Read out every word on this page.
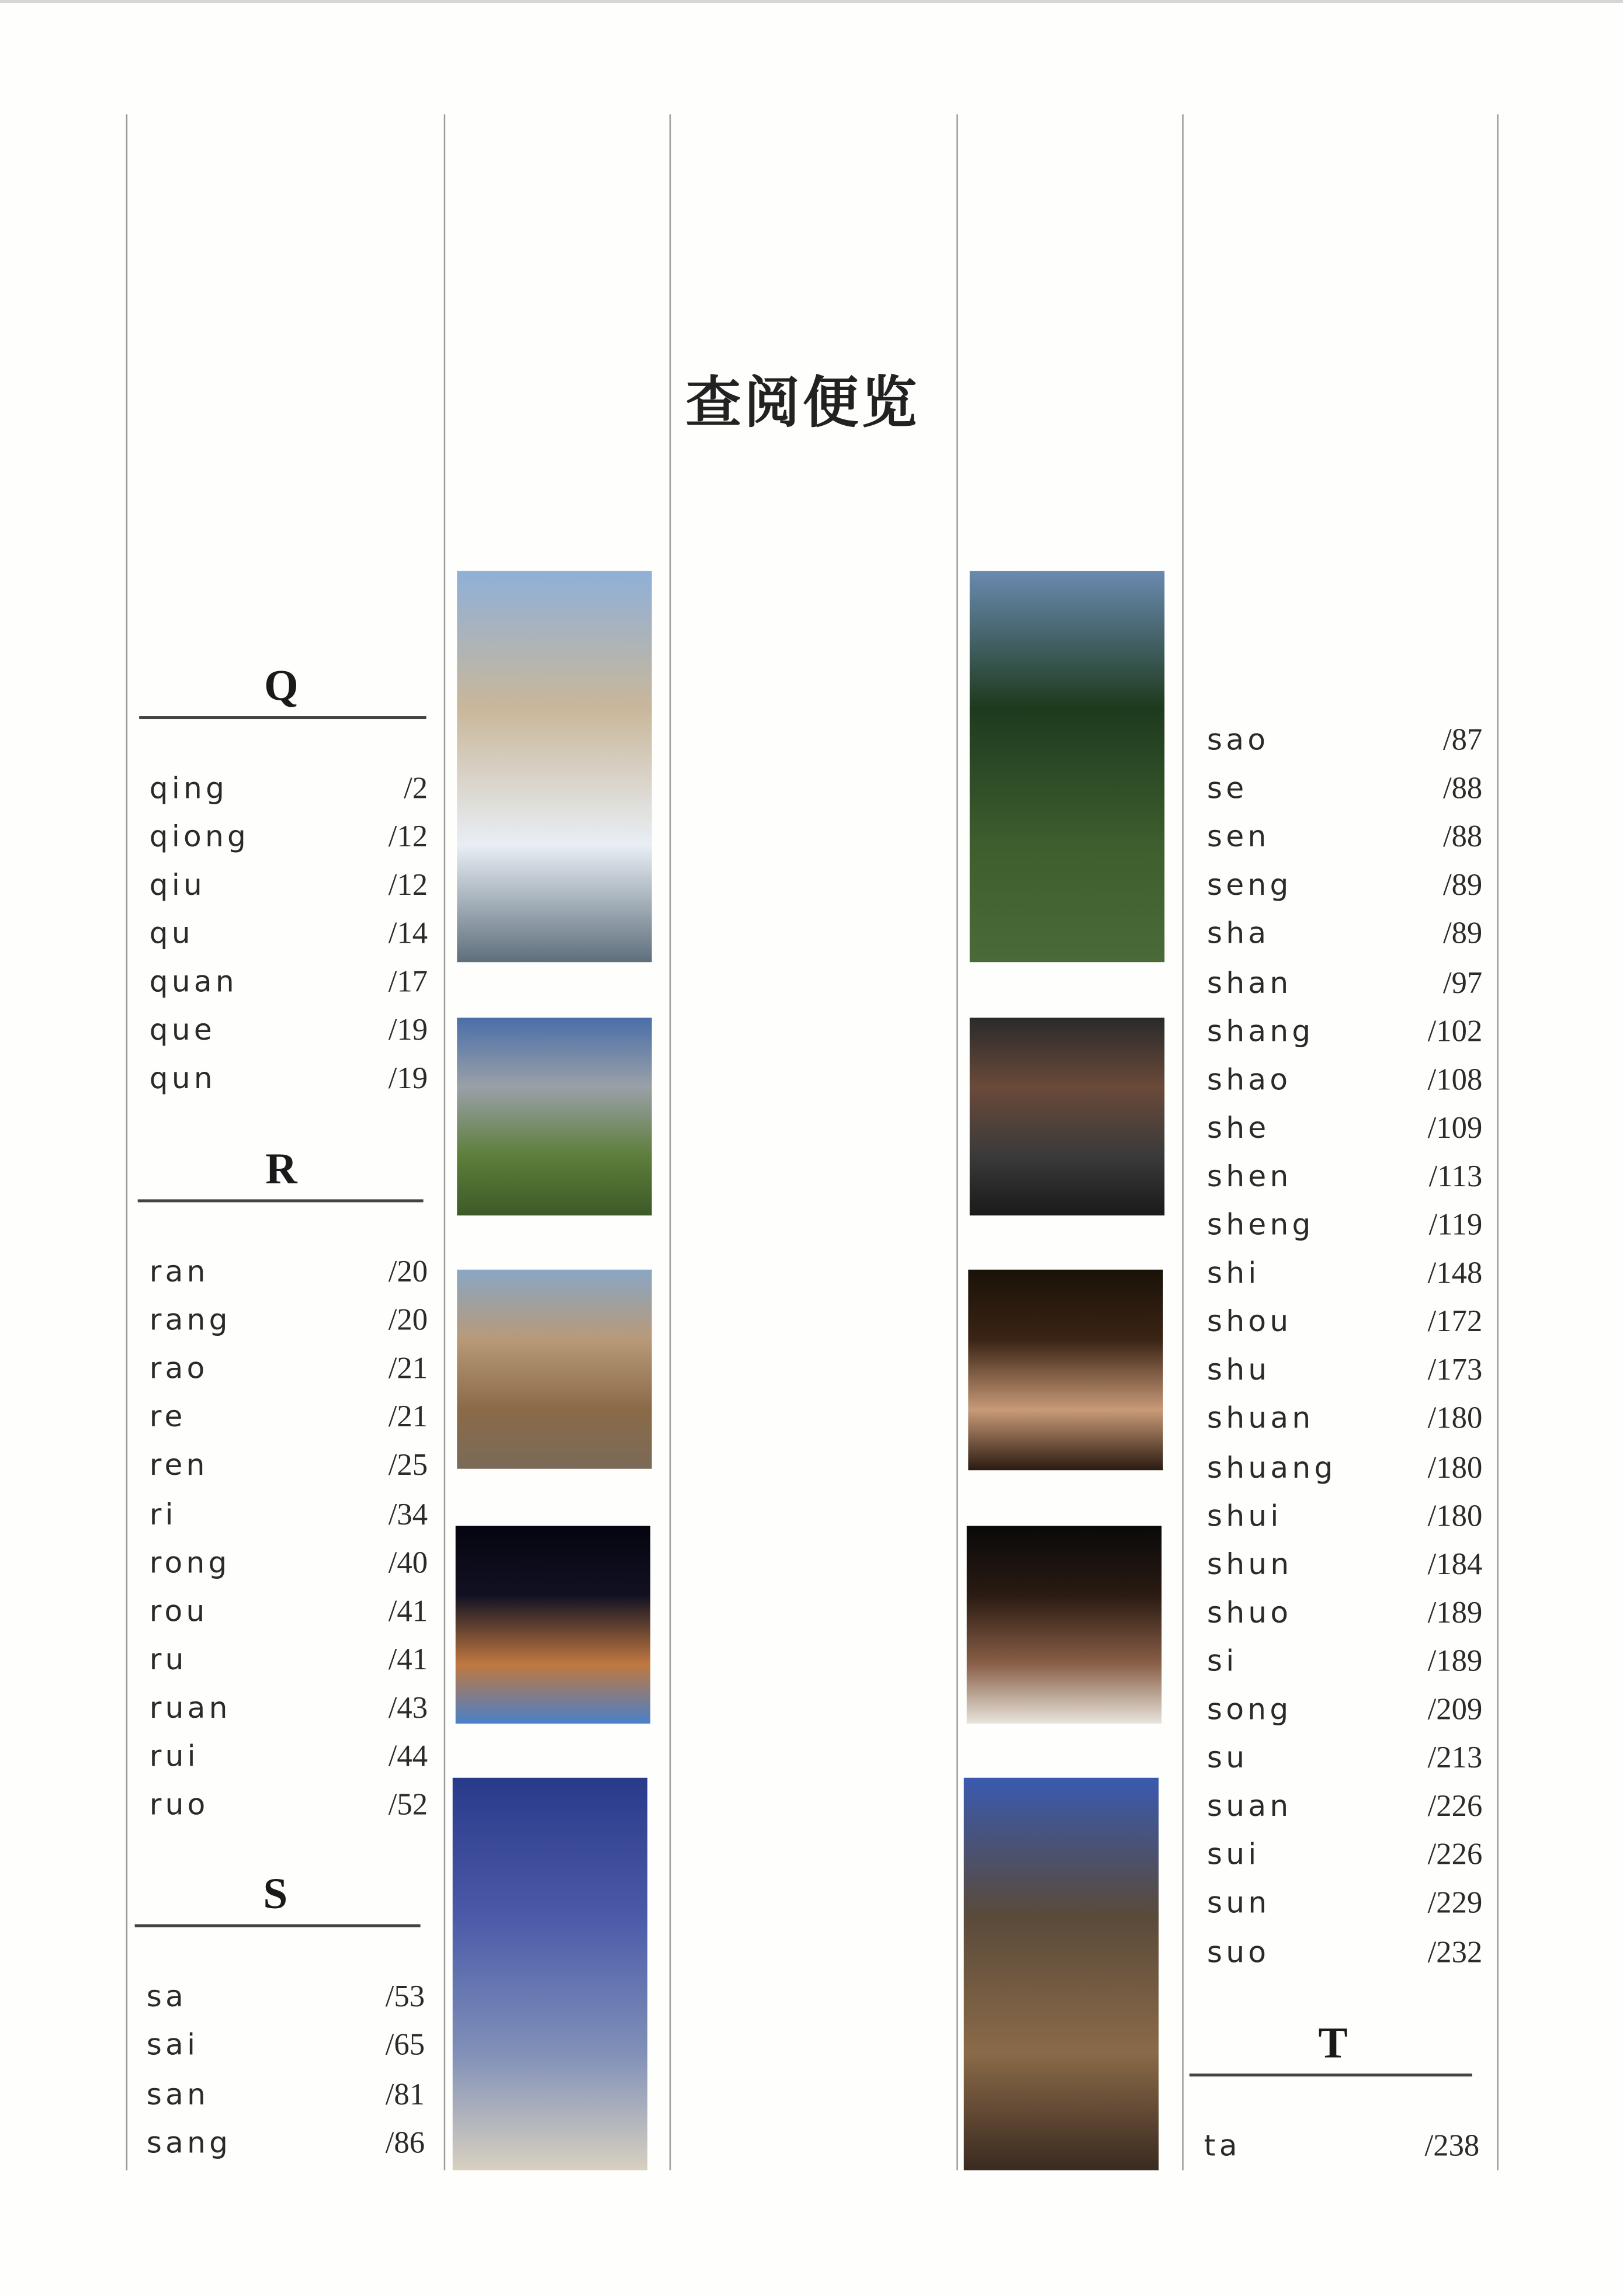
查阅便览
Q
qing	/2
qiong	/12
qiu	/12
qu	/14
quan	/17
que	/19
qun	/19
R
ran	/20
rang	/20
rao	/21
re	/21
ren	/25
ri	/34
rong	/40
rou	/41
ru	/41
ruan	/43
rui	/44
ruo	/52
S
sa	/53
sai	/65
san	/81
sang	/86
sao	/87
se	/88
sen	/88
seng	/89
sha	/89
shan	/97
shang	/102
shao	/108
she	/109
shen	/113
sheng	/119
shi	/148
shou	/172
shu	/173
shuan	/180
shuang	/180
shui	/180
shun	/184
shuo	/189
si	/189
song	/209
su	/213
suan	/226
sui	/226
sun	/229
suo	/232
T
ta	/238
